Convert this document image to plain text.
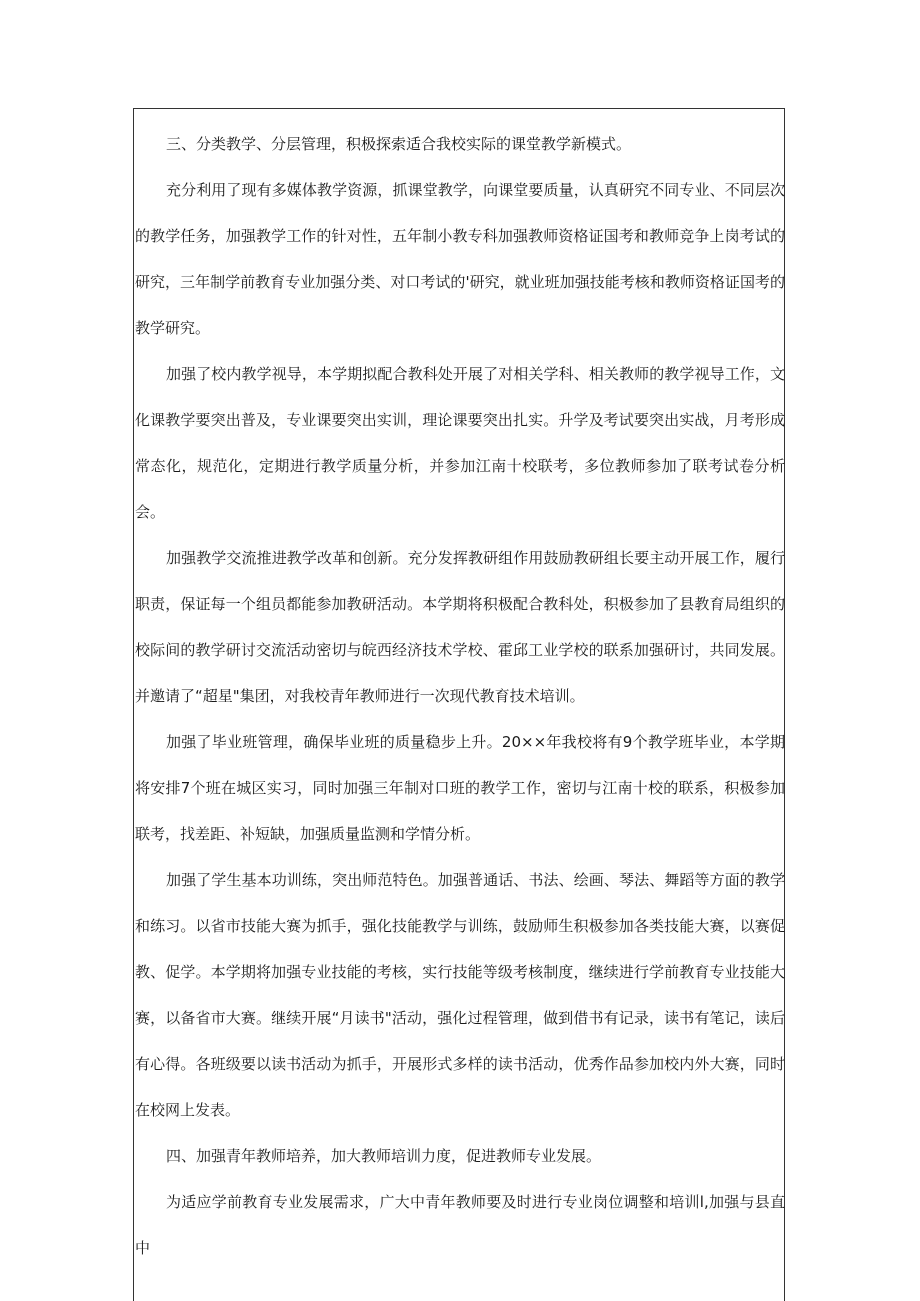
三、分类教学、分层管理，积极探索适合我校实际的课堂教学新模式。

充分利用了现有多媒体教学资源，抓课堂教学，向课堂要质量，认真研究不同专业、不同层次的教学任务，加强教学工作的针对性，五年制小教专科加强教师资格证国考和教师竞争上岗考试的研究，三年制学前教育专业加强分类、对口考试的'研究，就业班加强技能考核和教师资格证国考的教学研究。

加强了校内教学视导，本学期拟配合教科处开展了对相关学科、相关教师的教学视导工作，文化课教学要突出普及，专业课要突出实训，理论课要突出扎实。升学及考试要突出实战，月考形成常态化，规范化，定期进行教学质量分析，并参加江南十校联考，多位教师参加了联考试卷分析会。

加强教学交流推进教学改革和创新。充分发挥教研组作用鼓励教研组长要主动开展工作，履行职责，保证每一个组员都能参加教研活动。本学期将积极配合教科处，积极参加了县教育局组织的校际间的教学研讨交流活动密切与皖西经济技术学校、霍邱工业学校的联系加强研讨，共同发展。并邀请了“超星"集团，对我校青年教师进行一次现代教育技术培训。

加强了毕业班管理，确保毕业班的质量稳步上升。20××年我校将有9个教学班毕业，本学期将安排7个班在城区实习，同时加强三年制对口班的教学工作，密切与江南十校的联系，积极参加联考，找差距、补短缺，加强质量监测和学情分析。

加强了学生基本功训练，突出师范特色。加强普通话、书法、绘画、琴法、舞蹈等方面的教学和练习。以省市技能大赛为抓手，强化技能教学与训练，鼓励师生积极参加各类技能大赛，以赛促教、促学。本学期将加强专业技能的考核，实行技能等级考核制度，继续进行学前教育专业技能大赛，以备省市大赛。继续开展“月读书"活动，强化过程管理，做到借书有记录，读书有笔记，读后有心得。各班级要以读书活动为抓手，开展形式多样的读书活动，优秀作品参加校内外大赛，同时在校网上发表。

四、加强青年教师培养，加大教师培训力度，促进教师专业发展。

为适应学前教育专业发展需求，广大中青年教师要及时进行专业岗位调整和培训l,加强与县直中
